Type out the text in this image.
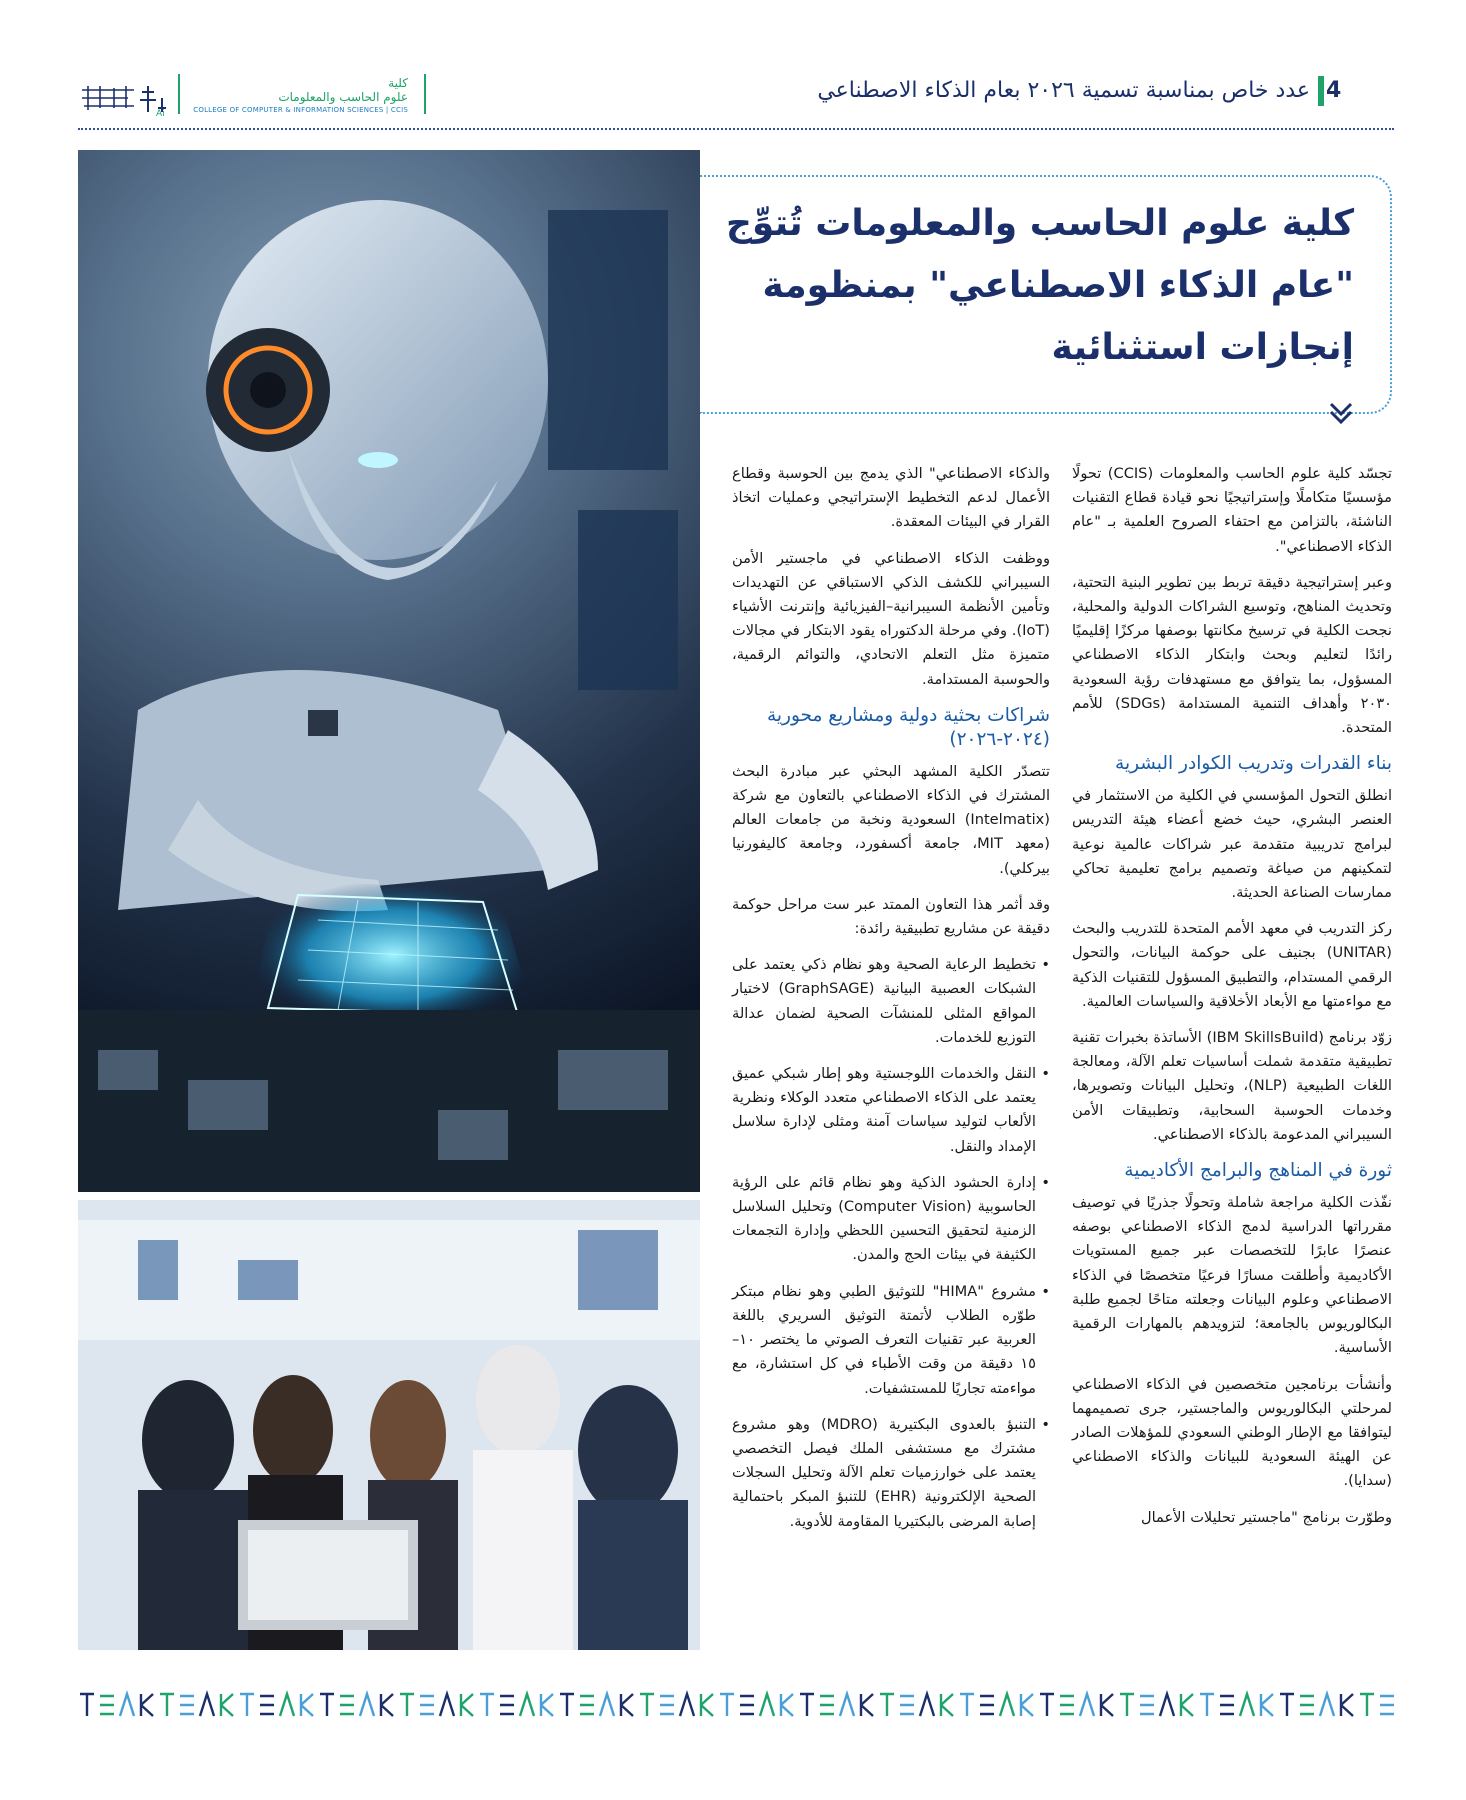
Ai
كلية
علوم الحاسب والمعلومات
COLLEGE OF COMPUTER & INFORMATION SCIENCES | CCIS
عدد خاص بمناسبة تسمية ٢٠٢٦ بعام الذكاء الاصطناعي 4
كلية علوم الحاسب والمعلومات تُتوِّج "عام الذكاء الاصطناعي" بمنظومة إنجازات استثنائية

تجسّد كلية علوم الحاسب والمعلومات (CCIS) تحولًا مؤسسيًا متكاملًا وإستراتيجيًا نحو قيادة قطاع التقنيات الناشئة، بالتزامن مع احتفاء الصروح العلمية بـ "عام الذكاء الاصطناعي".

وعبر إستراتيجية دقيقة تربط بين تطوير البنية التحتية، وتحديث المناهج، وتوسيع الشراكات الدولية والمحلية، نجحت الكلية في ترسيخ مكانتها بوصفها مركزًا إقليميًا رائدًا لتعليم وبحث وابتكار الذكاء الاصطناعي المسؤول، بما يتوافق مع مستهدفات رؤية السعودية ٢٠٣٠ وأهداف التنمية المستدامة (SDGs) للأمم المتحدة.

بناء القدرات وتدريب الكوادر البشرية

انطلق التحول المؤسسي في الكلية من الاستثمار في العنصر البشري، حيث خضع أعضاء هيئة التدريس لبرامج تدريبية متقدمة عبر شراكات عالمية نوعية لتمكينهم من صياغة وتصميم برامج تعليمية تحاكي ممارسات الصناعة الحديثة.

ركز التدريب في معهد الأمم المتحدة للتدريب والبحث (UNITAR) بجنيف على حوكمة البيانات، والتحول الرقمي المستدام، والتطبيق المسؤول للتقنيات الذكية مع مواءمتها مع الأبعاد الأخلاقية والسياسات العالمية.

زوّد برنامج (IBM SkillsBuild) الأساتذة بخبرات تقنية تطبيقية متقدمة شملت أساسيات تعلم الآلة، ومعالجة اللغات الطبيعية (NLP)، وتحليل البيانات وتصويرها، وخدمات الحوسبة السحابية، وتطبيقات الأمن السيبراني المدعومة بالذكاء الاصطناعي.

ثورة في المناهج والبرامج الأكاديمية

نفّذت الكلية مراجعة شاملة وتحولًا جذريًا في توصيف مقرراتها الدراسية لدمج الذكاء الاصطناعي بوصفه عنصرًا عابرًا للتخصصات عبر جميع المستويات الأكاديمية وأطلقت مسارًا فرعيًا متخصصًا في الذكاء الاصطناعي وعلوم البيانات وجعلته متاحًا لجميع طلبة البكالوريوس بالجامعة؛ لتزويدهم بالمهارات الرقمية الأساسية.

وأنشأت برنامجين متخصصين في الذكاء الاصطناعي لمرحلتي البكالوريوس والماجستير، جرى تصميمهما ليتوافقا مع الإطار الوطني السعودي للمؤهلات الصادر عن الهيئة السعودية للبيانات والذكاء الاصطناعي (سدايا).

وطوّرت برنامج "ماجستير تحليلات الأعمال

والذكاء الاصطناعي" الذي يدمج بين الحوسبة وقطاع الأعمال لدعم التخطيط الإستراتيجي وعمليات اتخاذ القرار في البيئات المعقدة.

ووظفت الذكاء الاصطناعي في ماجستير الأمن السيبراني للكشف الذكي الاستباقي عن التهديدات وتأمين الأنظمة السيبرانية–الفيزيائية وإنترنت الأشياء (IoT). وفي مرحلة الدكتوراه يقود الابتكار في مجالات متميزة مثل التعلم الاتحادي، والتوائم الرقمية، والحوسبة المستدامة.

شراكات بحثية دولية ومشاريع محورية (٢٠٢٤-٢٠٢٦)

تتصدّر الكلية المشهد البحثي عبر مبادرة البحث المشترك في الذكاء الاصطناعي بالتعاون مع شركة (Intelmatix) السعودية ونخبة من جامعات العالم (معهد MIT، جامعة أكسفورد، وجامعة كاليفورنيا بيركلي).

وقد أثمر هذا التعاون الممتد عبر ست مراحل حوكمة دقيقة عن مشاريع تطبيقية رائدة:

• تخطيط الرعاية الصحية وهو نظام ذكي يعتمد على الشبكات العصبية البيانية (GraphSAGE) لاختيار المواقع المثلى للمنشآت الصحية لضمان عدالة التوزيع للخدمات.
• النقل والخدمات اللوجستية وهو إطار شبكي عميق يعتمد على الذكاء الاصطناعي متعدد الوكلاء ونظرية الألعاب لتوليد سياسات آمنة ومثلى لإدارة سلاسل الإمداد والنقل.
• إدارة الحشود الذكية وهو نظام قائم على الرؤية الحاسوبية (Computer Vision) وتحليل السلاسل الزمنية لتحقيق التحسين اللحظي وإدارة التجمعات الكثيفة في بيئات الحج والمدن.
• مشروع "HIMA" للتوثيق الطبي وهو نظام مبتكر طوّره الطلاب لأتمتة التوثيق السريري باللغة العربية عبر تقنيات التعرف الصوتي ما يختصر ١٠–١٥ دقيقة من وقت الأطباء في كل استشارة، مع مواءمته تجاريًا للمستشفيات.
• التنبؤ بالعدوى البكتيرية (MDRO) وهو مشروع مشترك مع مستشفى الملك فيصل التخصصي يعتمد على خوارزميات تعلم الآلة وتحليل السجلات الصحية الإلكترونية (EHR) للتنبؤ المبكر باحتمالية إصابة المرضى بالبكتيريا المقاومة للأدوية.
